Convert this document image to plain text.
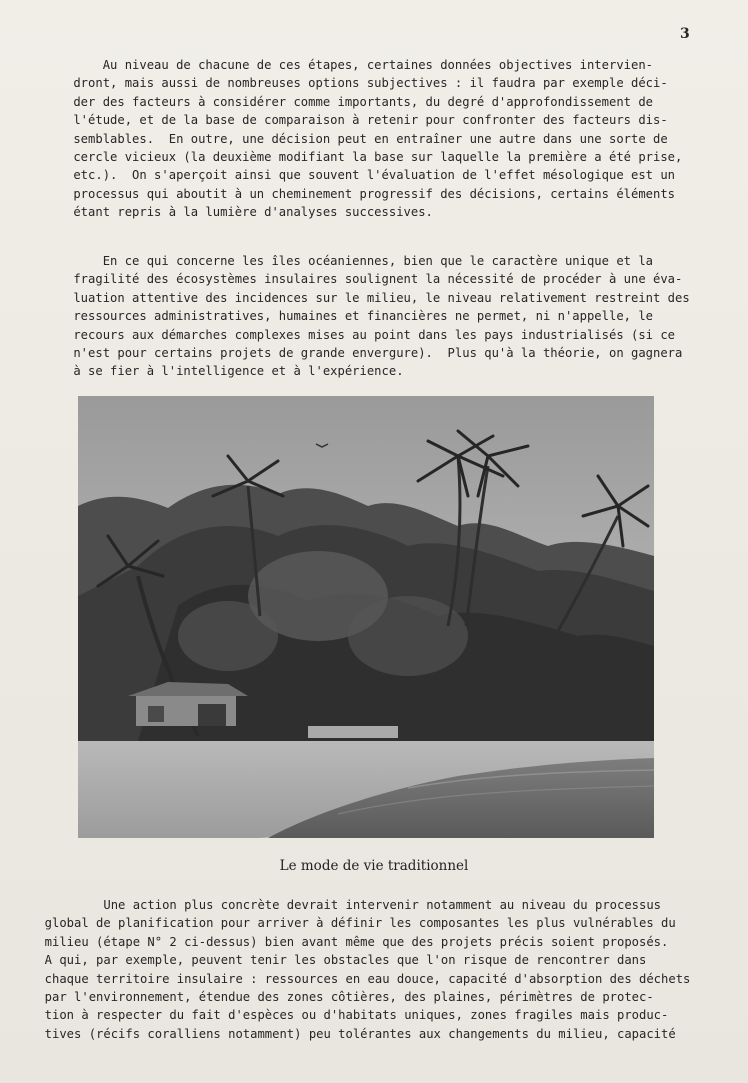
3

Au niveau de chacune de ces étapes, certaines données objectives intervien-
dront, mais aussi de nombreuses options subjectives : il faudra par exemple déci-
der des facteurs à considérer comme importants, du degré d'approfondissement de
l'étude, et de la base de comparaison à retenir pour confronter des facteurs dis-
semblables.  En outre, une décision peut en entraîner une autre dans une sorte de
cercle vicieux (la deuxième modifiant la base sur laquelle la première a été prise,
etc.).  On s'aperçoit ainsi que souvent l'évaluation de l'effet mésologique est un
processus qui aboutit à un cheminement progressif des décisions, certains éléments
étant repris à la lumière d'analyses successives.

En ce qui concerne les îles océaniennes, bien que le caractère unique et la
fragilité des écosystèmes insulaires soulignent la nécessité de procéder à une éva-
luation attentive des incidences sur le milieu, le niveau relativement restreint des
ressources administratives, humaines et financières ne permet, ni n'appelle, le
recours aux démarches complexes mises au point dans les pays industrialisés (si ce
n'est pour certains projets de grande envergure).  Plus qu'à la théorie, on gagnera
à se fier à l'intelligence et à l'expérience.

Le mode de vie traditionnel

Une action plus concrète devrait intervenir notamment au niveau du processus
global de planification pour arriver à définir les composantes les plus vulnérables du
milieu (étape N° 2 ci-dessus) bien avant même que des projets précis soient proposés.
A qui, par exemple, peuvent tenir les obstacles que l'on risque de rencontrer dans
chaque territoire insulaire : ressources en eau douce, capacité d'absorption des déchets
par l'environnement, étendue des zones côtières, des plaines, périmètres de protec-
tion à respecter du fait d'espèces ou d'habitats uniques, zones fragiles mais produc-
tives (récifs coralliens notamment) peu tolérantes aux changements du milieu, capacité
